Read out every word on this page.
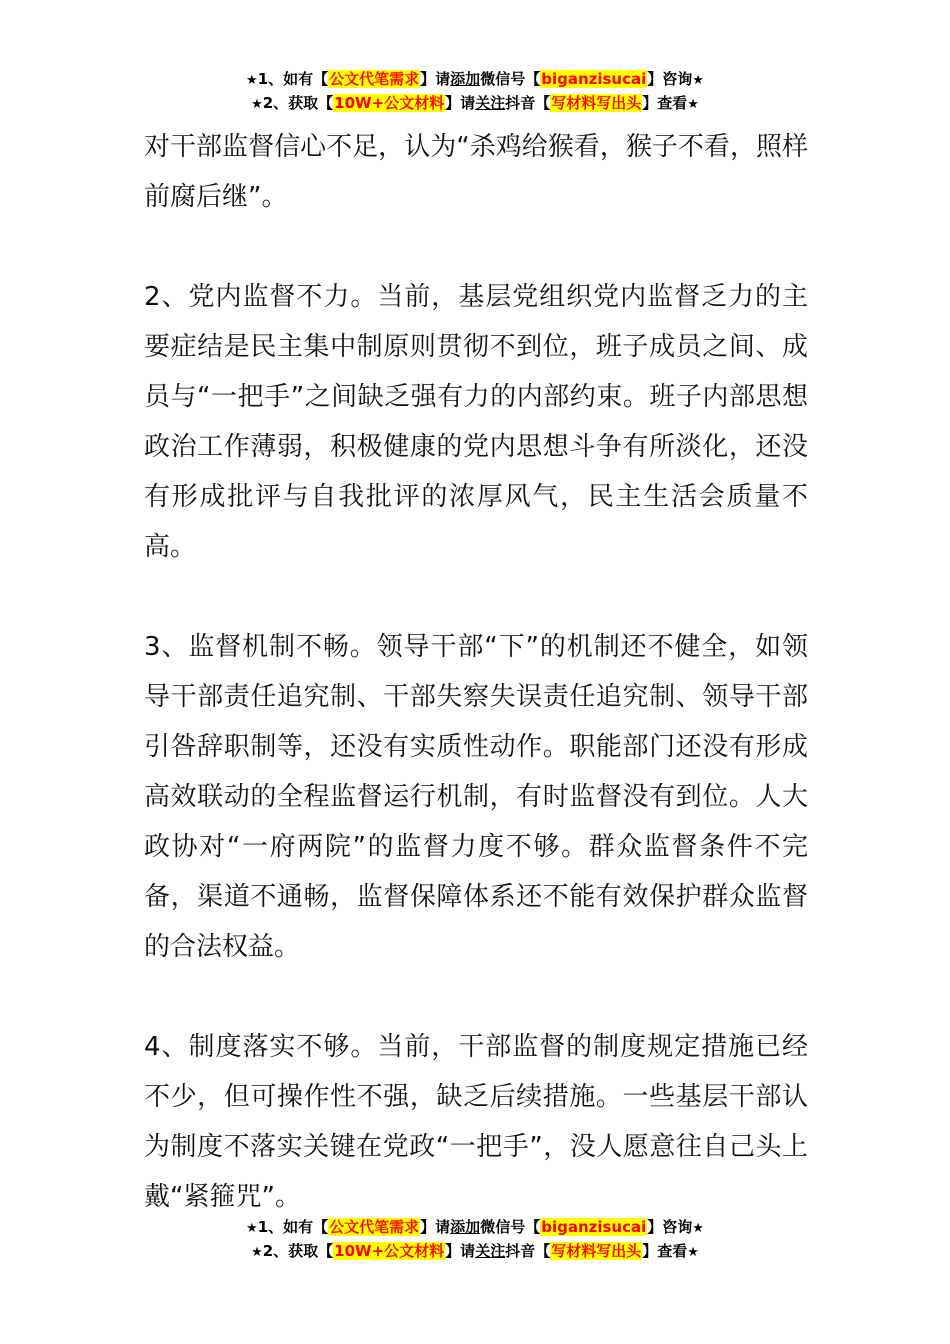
★1、如有【公文代笔需求】请添加微信号【biganzisucai】咨询★
★2、获取【10W+公文材料】请关注抖音【写材料写出头】查看★

对干部监督信心不足，认为“杀鸡给猴看，猴子不看，照样前腐后继”。

2、党内监督不力。当前，基层党组织党内监督乏力的主要症结是民主集中制原则贯彻不到位，班子成员之间、成员与“一把手”之间缺乏强有力的内部约束。班子内部思想政治工作薄弱，积极健康的党内思想斗争有所淡化，还没有形成批评与自我批评的浓厚风气，民主生活会质量不高。

3、监督机制不畅。领导干部“下”的机制还不健全，如领导干部责任追究制、干部失察失误责任追究制、领导干部引咎辞职制等，还没有实质性动作。职能部门还没有形成高效联动的全程监督运行机制，有时监督没有到位。人大政协对“一府两院”的监督力度不够。群众监督条件不完备，渠道不通畅，监督保障体系还不能有效保护群众监督的合法权益。

4、制度落实不够。当前，干部监督的制度规定措施已经不少，但可操作性不强，缺乏后续措施。一些基层干部认为制度不落实关键在党政“一把手”，没人愿意往自己头上戴“紧箍咒”。

★1、如有【公文代笔需求】请添加微信号【biganzisucai】咨询★
★2、获取【10W+公文材料】请关注抖音【写材料写出头】查看★
